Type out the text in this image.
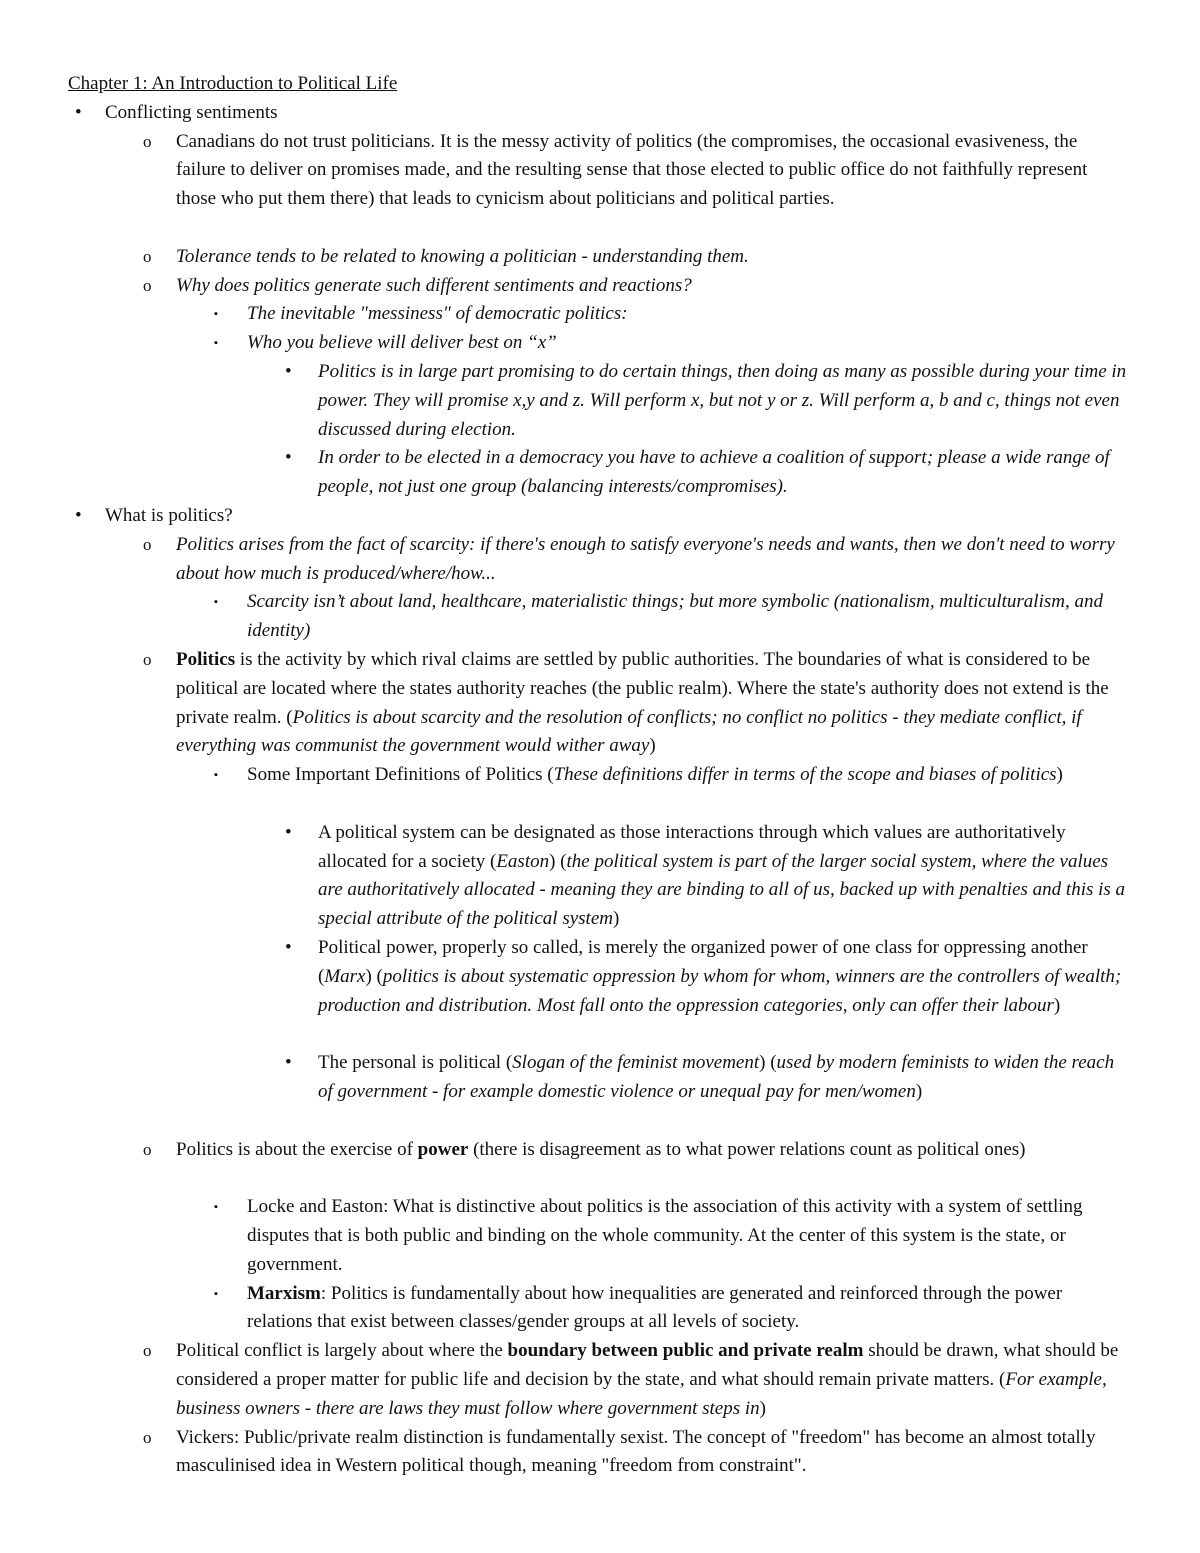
Chapter 1: An Introduction to Political Life
• Conflicting sentiments
o Canadians do not trust politicians. It is the messy activity of politics (the compromises, the occasional evasiveness, the failure to deliver on promises made, and the resulting sense that those elected to public office do not faithfully represent those who put them there) that leads to cynicism about politicians and political parties.
o Tolerance tends to be related to knowing a politician - understanding them.
o Why does politics generate such different sentiments and reactions?
▪ The inevitable "messiness" of democratic politics:
▪ Who you believe will deliver best on “x”
• Politics is in large part promising to do certain things, then doing as many as possible during your time in power. They will promise x,y and z. Will perform x, but not y or z. Will perform a, b and c, things not even discussed during election.
• In order to be elected in a democracy you have to achieve a coalition of support; please a wide range of people, not just one group (balancing interests/compromises).
• What is politics?
o Politics arises from the fact of scarcity: if there's enough to satisfy everyone's needs and wants, then we don't need to worry about how much is produced/where/how...
▪ Scarcity isn’t about land, healthcare, materialistic things; but more symbolic (nationalism, multiculturalism, and identity)
o Politics is the activity by which rival claims are settled by public authorities. The boundaries of what is considered to be political are located where the states authority reaches (the public realm). Where the state's authority does not extend is the private realm. (Politics is about scarcity and the resolution of conflicts; no conflict no politics - they mediate conflict, if everything was communist the government would wither away)
▪ Some Important Definitions of Politics (These definitions differ in terms of the scope and biases of politics)
• A political system can be designated as those interactions through which values are authoritatively allocated for a society (Easton) (the political system is part of the larger social system, where the values are authoritatively allocated - meaning they are binding to all of us, backed up with penalties and this is a special attribute of the political system)
• Political power, properly so called, is merely the organized power of one class for oppressing another (Marx) (politics is about systematic oppression by whom for whom, winners are the controllers of wealth; production and distribution. Most fall onto the oppression categories, only can offer their labour)
• The personal is political (Slogan of the feminist movement) (used by modern feminists to widen the reach of government - for example domestic violence or unequal pay for men/women)
o Politics is about the exercise of power (there is disagreement as to what power relations count as political ones)
▪ Locke and Easton: What is distinctive about politics is the association of this activity with a system of settling disputes that is both public and binding on the whole community. At the center of this system is the state, or government.
▪ Marxism: Politics is fundamentally about how inequalities are generated and reinforced through the power relations that exist between classes/gender groups at all levels of society.
o Political conflict is largely about where the boundary between public and private realm should be drawn, what should be considered a proper matter for public life and decision by the state, and what should remain private matters. (For example, business owners - there are laws they must follow where government steps in)
o Vickers: Public/private realm distinction is fundamentally sexist. The concept of "freedom" has become an almost totally masculinised idea in Western political though, meaning "freedom from constraint".
